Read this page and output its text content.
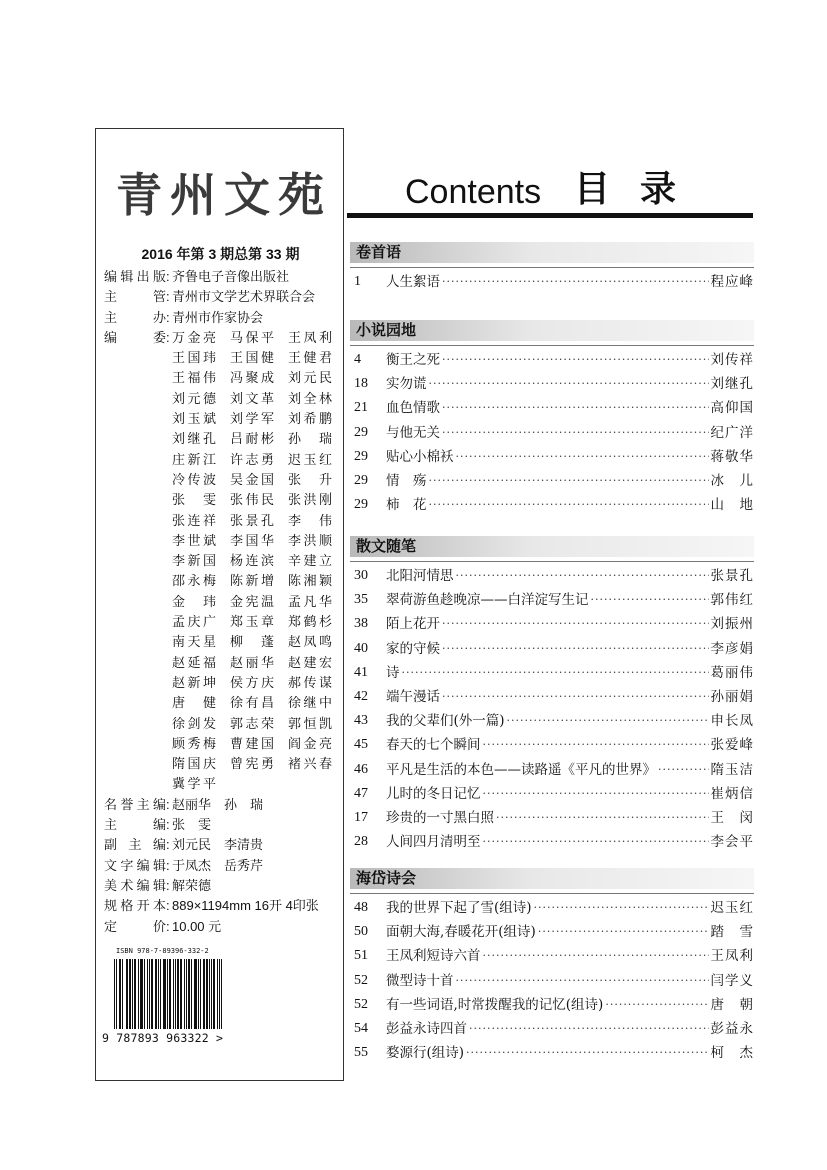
青州文苑
2016 年第 3 期总第 33 期
编辑出版 : 齐鲁电子音像出版社
主管 : 青州市文学艺术界联合会
主办 : 青州市作家协会
编委 : 万金亮 马保平 王凤利
王国玮 王国健 王健君
王福伟 冯聚成 刘元民
刘元德 刘文革 刘全林
刘玉斌 刘学军 刘希鹏
刘继孔 吕耐彬 孙瑞
庄新江 许志勇 迟玉红
冷传波 吴金国 张升
张雯 张伟民 张洪刚
张连祥 张景孔 李伟
李世斌 李国华 李洪顺
李新国 杨连滨 辛建立
邵永梅 陈新增 陈湘颖
金玮 金宪温 孟凡华
孟庆广 郑玉章 郑鹤杉
南天星 柳蓬 赵凤鸣
赵延福 赵丽华 赵建宏
赵新坤 侯方庆 郝传谋
唐健 徐有昌 徐继中
徐剑发 郭志荣 郭恒凯
顾秀梅 曹建国 阎金亮
隋国庆 曾宪勇 褚兴春
冀学平
名誉主编 : 赵丽华　孙　瑞
主编 : 张　雯
副主编 : 刘元民　李清贵
文字编辑 : 于凤杰　岳秀芹
美术编辑 : 解荣德
规格开本 : 889×1194mm 16开 4印张
定价 : 10.00 元
ISBN 978-7-89396-332-2
9 787893 963322 >
Contents 目录
卷首语
1	人生絮语 ·····	程应峰
小说园地
4	衡王之死 ·····	刘传祥
18	实勿谎 ·····	刘继孔
21	血色情歌 ·····	高仰国
29	与他无关 ·····	纪广洋
29	贴心小棉袄 ·····	蒋敬华
29	情　殇 ·····	冰　儿
29	柿　花 ·····	山　地
散文随笔
30	北阳河情思 ·····	张景孔
35	翠荷游鱼趁晚凉——白洋淀写生记 ·····	郭伟红
38	陌上花开 ·····	刘振州
40	家的守候 ·····	李彦娟
41	诗 ·····	葛丽伟
42	端午漫话 ·····	孙丽娟
43	我的父辈们(外一篇) ·····	申长凤
45	春天的七个瞬间 ·····	张爱峰
46	平凡是生活的本色——读路遥《平凡的世界》 ·····	隋玉洁
47	儿时的冬日记忆 ·····	崔炳信
17	珍贵的一寸黑白照 ·····	王　闵
28	人间四月清明至 ·····	李会平
海岱诗会
48	我的世界下起了雪(组诗) ·····	迟玉红
50	面朝大海,春暖花开(组诗) ·····	踏　雪
51	王凤利短诗六首 ·····	王凤利
52	微型诗十首 ·····	闫学义
52	有一些词语,时常拨醒我的记忆(组诗) ·····	唐　朝
54	彭益永诗四首 ·····	彭益永
55	婺源行(组诗) ·····	柯　杰
